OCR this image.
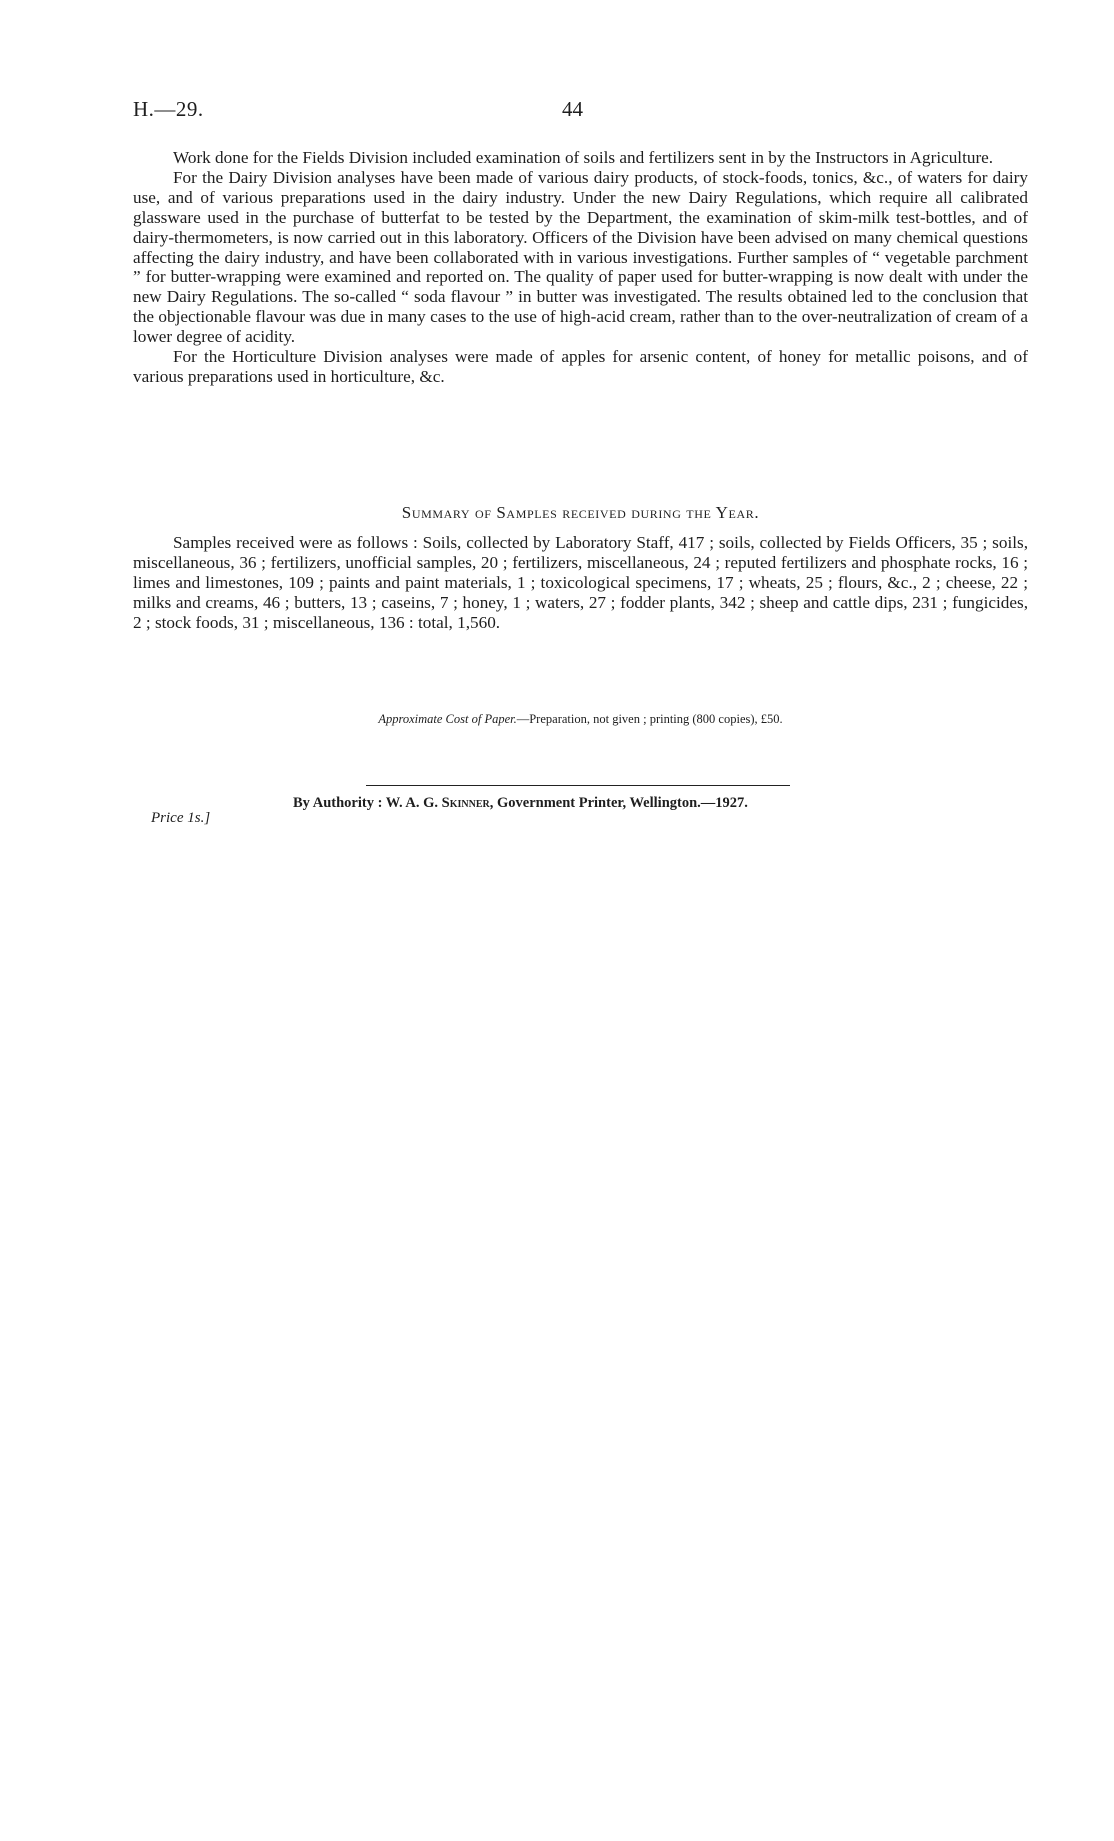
H.—29.	44

Work done for the Fields Division included examination of soils and fertilizers sent in by the Instructors in Agriculture.

For the Dairy Division analyses have been made of various dairy products, of stock-foods, tonics, &c., of waters for dairy use, and of various preparations used in the dairy industry. Under the new Dairy Regulations, which require all calibrated glassware used in the purchase of butterfat to be tested by the Department, the examination of skim-milk test-bottles, and of dairy-thermometers, is now carried out in this laboratory. Officers of the Division have been advised on many chemical questions affecting the dairy industry, and have been collaborated with in various investigations. Further samples of “ vegetable parchment ” for butter-wrapping were examined and reported on. The quality of paper used for butter-wrapping is now dealt with under the new Dairy Regulations. The so-called “ soda flavour ” in butter was investigated. The results obtained led to the conclusion that the objectionable flavour was due in many cases to the use of high-acid cream, rather than to the over-neutralization of cream of a lower degree of acidity.

For the Horticulture Division analyses were made of apples for arsenic content, of honey for metallic poisons, and of various preparations used in horticulture, &c.

Summary of Samples received during the Year.

Samples received were as follows : Soils, collected by Laboratory Staff, 417 ; soils, collected by Fields Officers, 35 ; soils, miscellaneous, 36 ; fertilizers, unofficial samples, 20 ; fertilizers, miscellaneous, 24 ; reputed fertilizers and phosphate rocks, 16 ; limes and limestones, 109 ; paints and paint materials, 1 ; toxicological specimens, 17 ; wheats, 25 ; flours, &c., 2 ; cheese, 22 ; milks and creams, 46 ; butters, 13 ; caseins, 7 ; honey, 1 ; waters, 27 ; fodder plants, 342 ; sheep and cattle dips, 231 ; fungicides, 2 ; stock foods, 31 ; miscellaneous, 136 : total, 1,560.

Approximate Cost of Paper.—Preparation, not given ; printing (800 copies), £50.
By Authority : W. A. G. Skinner, Government Printer, Wellington.—1927.
Price 1s.]
